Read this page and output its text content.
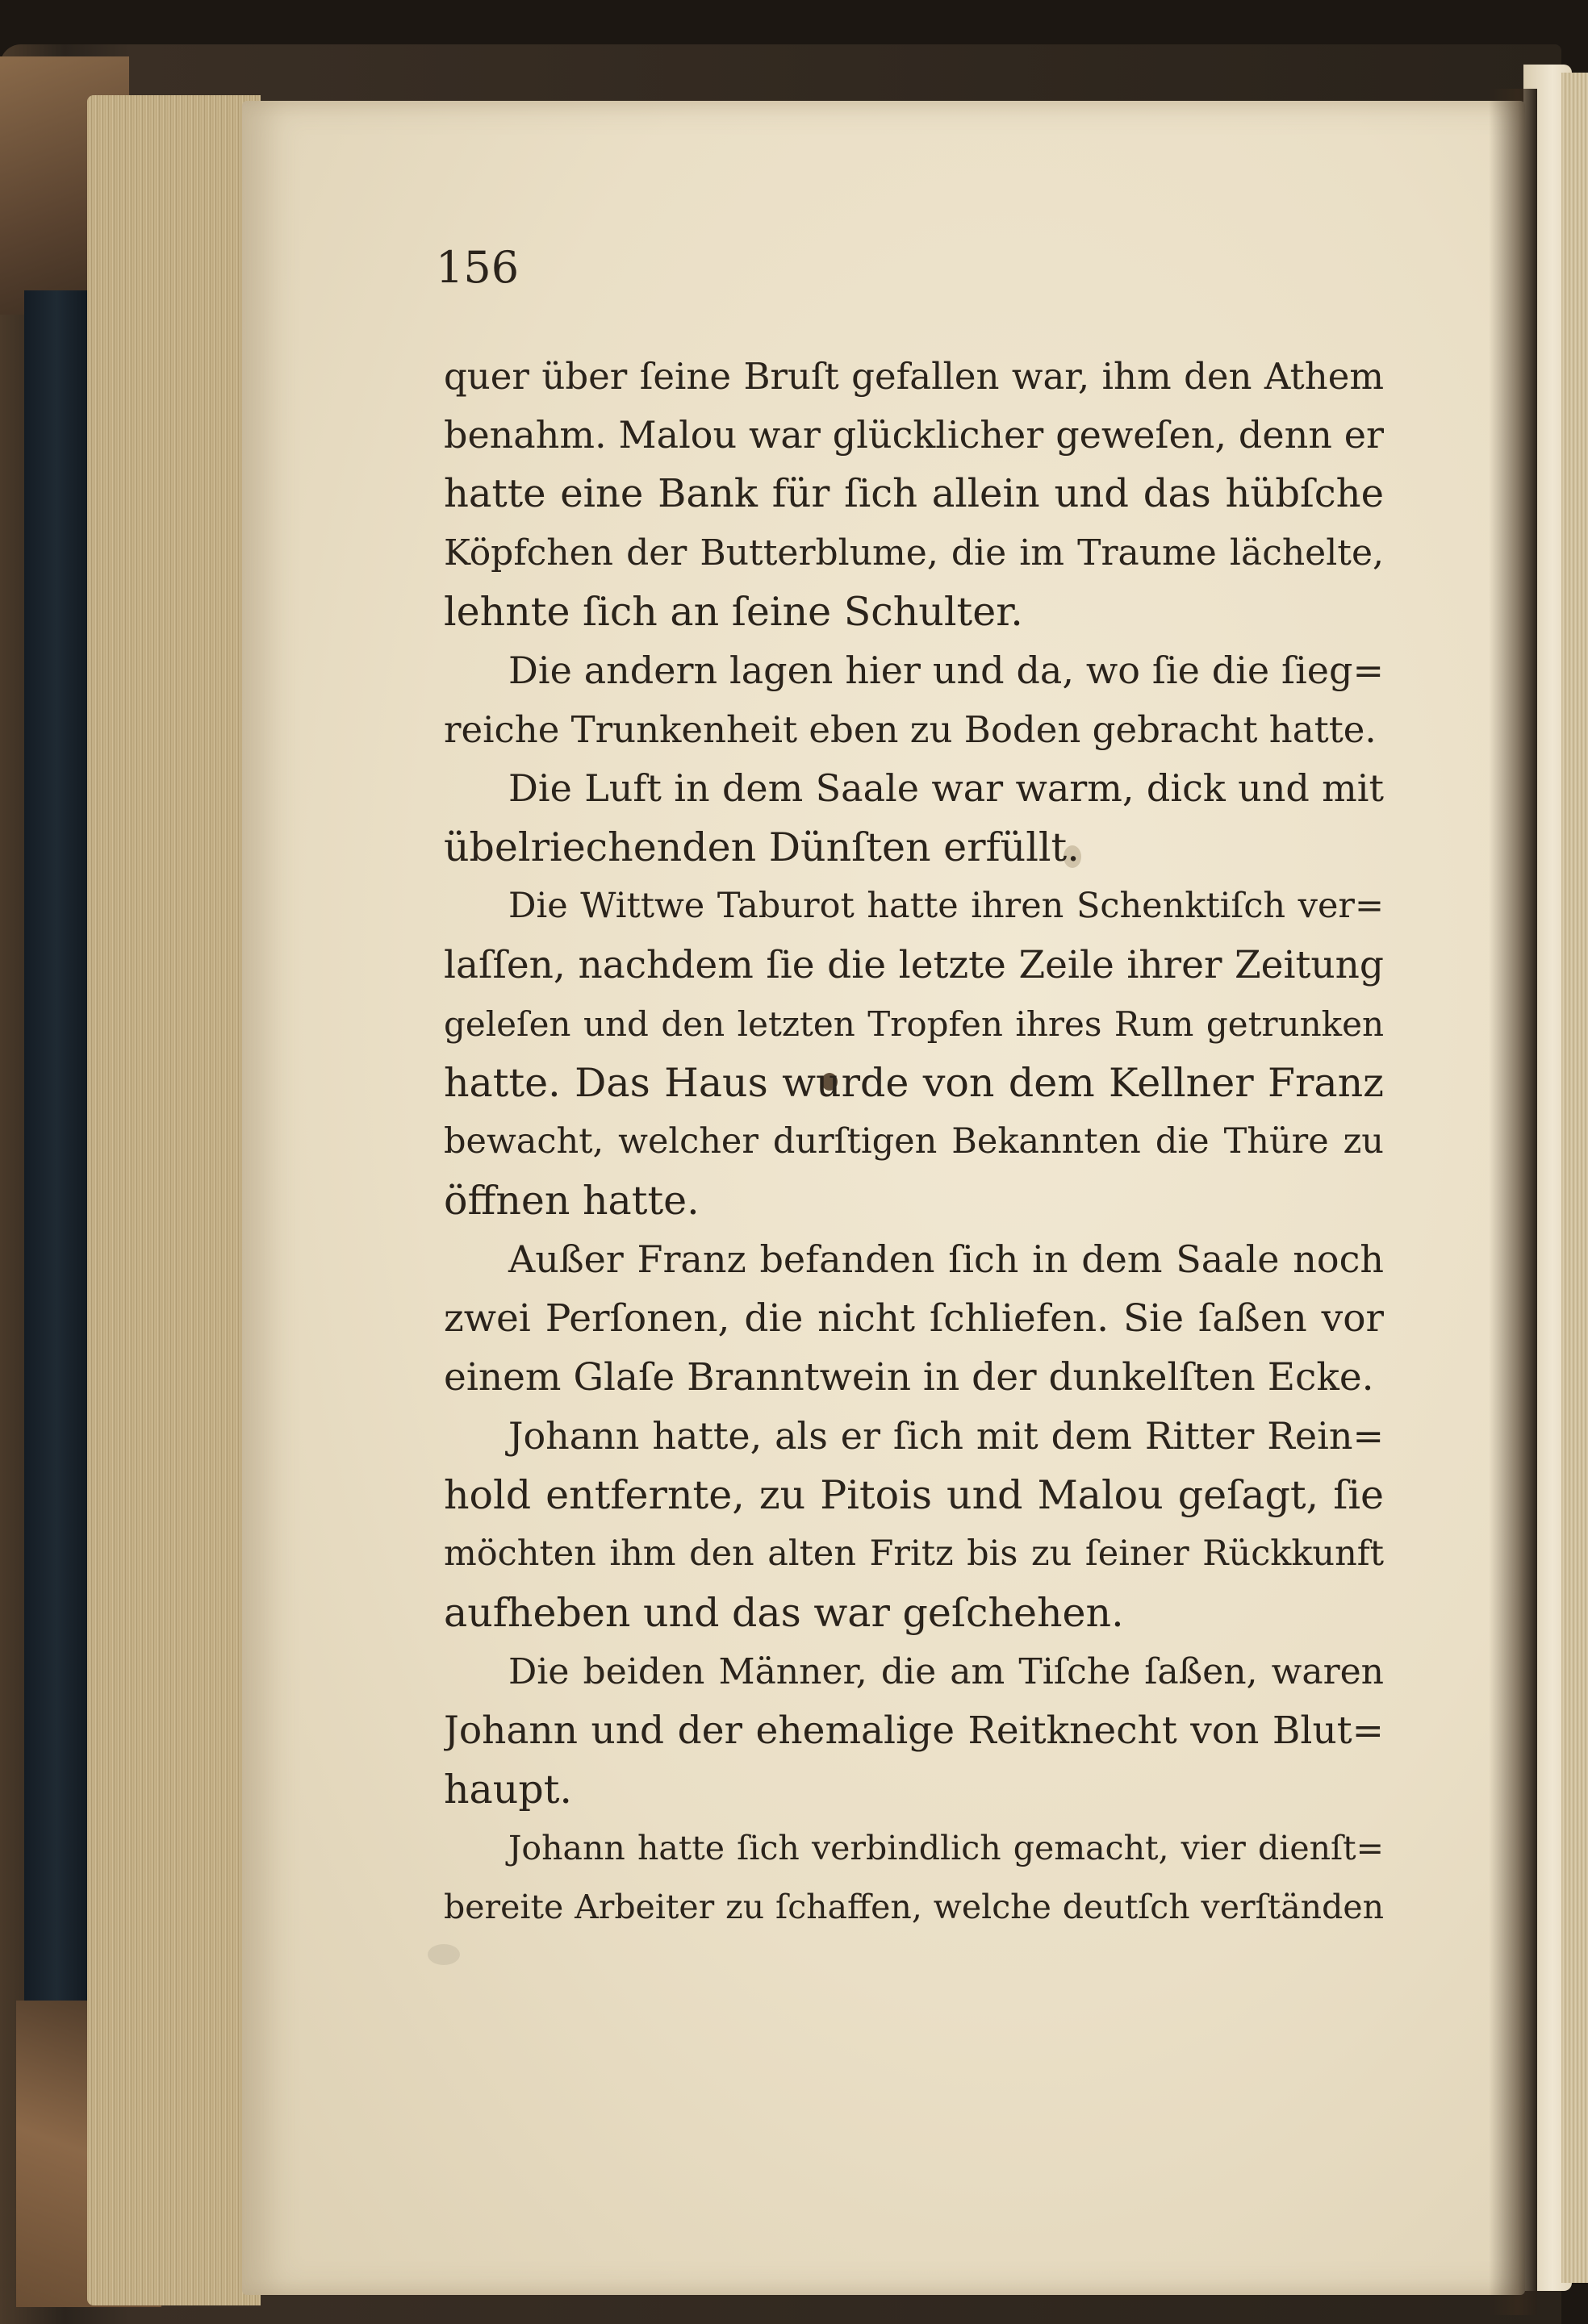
156
quer über ſeine Bruſt gefallen war, ihm den Athem
benahm. Malou war glücklicher geweſen, denn er
hatte eine Bank für ſich allein und das hübſche
Köpfchen der Butterblume, die im Traume lächelte,
lehnte ſich an ſeine Schulter.
Die andern lagen hier und da, wo ſie die ſieg=
reiche Trunkenheit eben zu Boden gebracht hatte.
Die Luft in dem Saale war warm, dick und mit
übelriechenden Dünſten erfüllt.
Die Wittwe Taburot hatte ihren Schenktiſch ver=
laſſen, nachdem ſie die letzte Zeile ihrer Zeitung
geleſen und den letzten Tropfen ihres Rum getrunken
hatte. Das Haus wurde von dem Kellner Franz
bewacht, welcher durſtigen Bekannten die Thüre zu
öffnen hatte.
Außer Franz befanden ſich in dem Saale noch
zwei Perſonen, die nicht ſchliefen. Sie ſaßen vor
einem Glaſe Branntwein in der dunkelſten Ecke.
Johann hatte, als er ſich mit dem Ritter Rein=
hold entfernte, zu Pitois und Malou geſagt, ſie
möchten ihm den alten Fritz bis zu ſeiner Rückkunft
aufheben und das war geſchehen.
Die beiden Männer, die am Tiſche ſaßen, waren
Johann und der ehemalige Reitknecht von Blut=
haupt.
Johann hatte ſich verbindlich gemacht, vier dienſt=
bereite Arbeiter zu ſchaffen, welche deutſch verſtänden
